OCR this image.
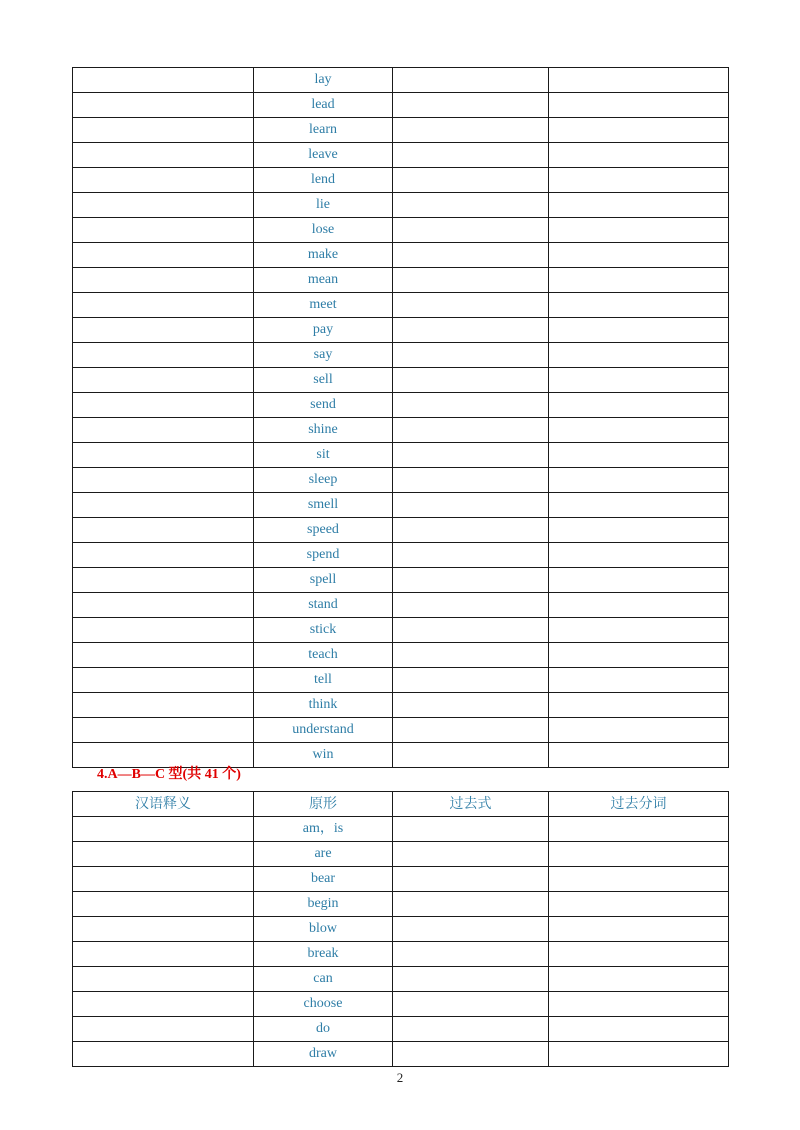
	lay		
	lead		
	learn		
	leave		
	lend		
	lie		
	lose		
	make		
	mean		
	meet		
	pay		
	say		
	sell		
	send		
	shine		
	sit		
	sleep		
	smell		
	speed		
	spend		
	spell		
	stand		
	stick		
	teach		
	tell		
	think		
	understand		
	win		
4.A—B—C 型(共 41 个)
汉语释义	原形	过去式	过去分词
	am，is		
	are		
	bear		
	begin		
	blow		
	break		
	can		
	choose		
	do		
	draw		
2
